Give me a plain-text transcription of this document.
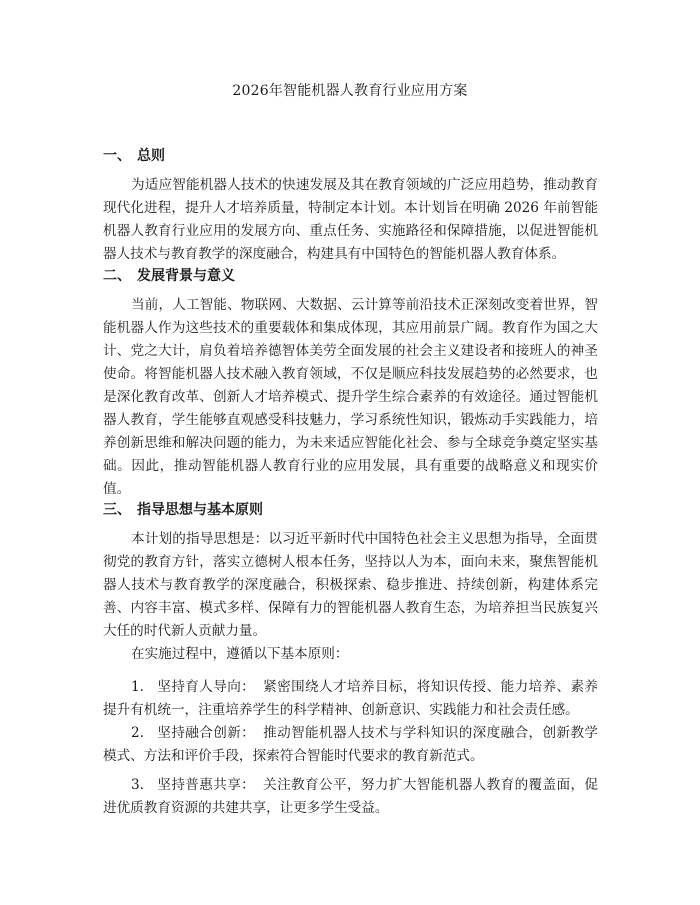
2026年智能机器人教育行业应用方案
一、 总则

为适应智能机器人技术的快速发展及其在教育领域的广泛应用趋势，推动教育现代化进程，提升人才培养质量，特制定本计划。本计划旨在明确 2026 年前智能机器人教育行业应用的发展方向、重点任务、实施路径和保障措施，以促进智能机器人技术与教育教学的深度融合，构建具有中国特色的智能机器人教育体系。

二、 发展背景与意义

当前，人工智能、物联网、大数据、云计算等前沿技术正深刻改变着世界，智能机器人作为这些技术的重要载体和集成体现，其应用前景广阔。教育作为国之大计、党之大计，肩负着培养德智体美劳全面发展的社会主义建设者和接班人的神圣使命。将智能机器人技术融入教育领域，不仅是顺应科技发展趋势的必然要求，也是深化教育改革、创新人才培养模式、提升学生综合素养的有效途径。通过智能机器人教育，学生能够直观感受科技魅力，学习系统性知识，锻炼动手实践能力，培养创新思维和解决问题的能力，为未来适应智能化社会、参与全球竞争奠定坚实基础。因此，推动智能机器人教育行业的应用发展，具有重要的战略意义和现实价值。

三、 指导思想与基本原则

本计划的指导思想是：以习近平新时代中国特色社会主义思想为指导，全面贯彻党的教育方针，落实立德树人根本任务，坚持以人为本，面向未来，聚焦智能机器人技术与教育教学的深度融合，积极探索、稳步推进、持续创新，构建体系完善、内容丰富、模式多样、保障有力的智能机器人教育生态，为培养担当民族复兴大任的时代新人贡献力量。

在实施过程中，遵循以下基本原则：

1. 坚持育人导向： 紧密围绕人才培养目标，将知识传授、能力培养、素养提升有机统一，注重培养学生的科学精神、创新意识、实践能力和社会责任感。

2. 坚持融合创新： 推动智能机器人技术与学科知识的深度融合，创新教学模式、方法和评价手段，探索符合智能时代要求的教育新范式。

3. 坚持普惠共享： 关注教育公平，努力扩大智能机器人教育的覆盖面，促进优质教育资源的共建共享，让更多学生受益。
